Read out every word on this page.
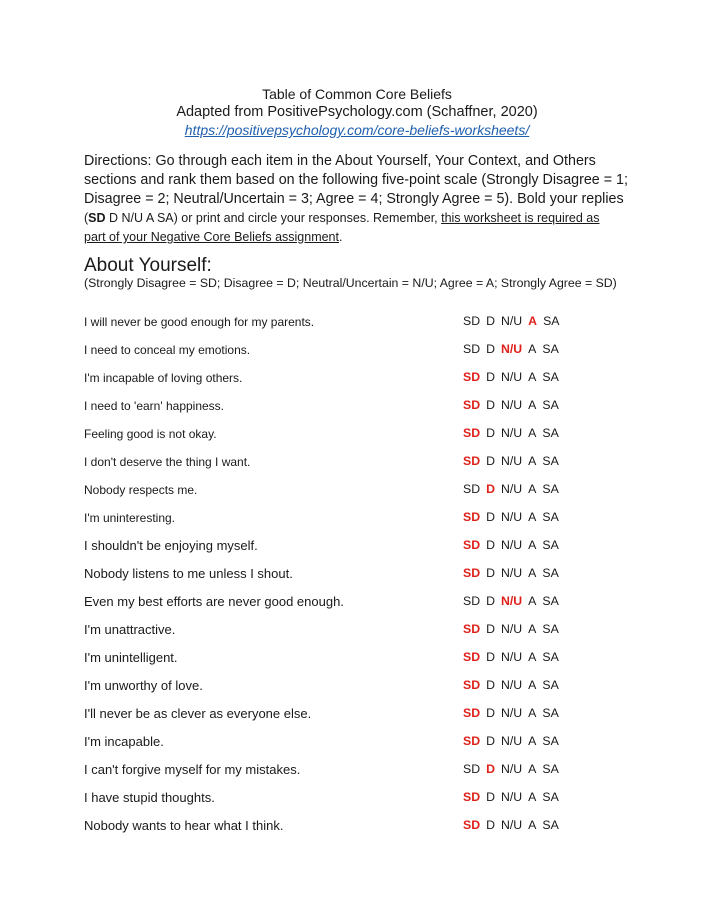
Table of Common Core Beliefs
Adapted from PositivePsychology.com (Schaffner, 2020)
https://positivepsychology.com/core-beliefs-worksheets/
Directions: Go through each item in the About Yourself, Your Context, and Others
sections and rank them based on the following five-point scale (Strongly Disagree = 1;
Disagree = 2; Neutral/Uncertain = 3; Agree = 4; Strongly Agree = 5). Bold your replies
(SD D N/U A SA) or print and circle your responses. Remember, this worksheet is required as
part of your Negative Core Beliefs assignment.
About Yourself:
(Strongly Disagree = SD; Disagree = D; Neutral/Uncertain = N/U; Agree = A; Strongly Agree = SD)
I will never be good enough for my parents.	SD D N/U A SA
I need to conceal my emotions.	SD D N/U A SA
I'm incapable of loving others.	SD D N/U A SA
I need to 'earn' happiness.	SD D N/U A SA
Feeling good is not okay.	SD D N/U A SA
I don't deserve the thing I want.	SD D N/U A SA
Nobody respects me.	SD D N/U A SA
I'm uninteresting.	SD D N/U A SA
I shouldn't be enjoying myself.	SD D N/U A SA
Nobody listens to me unless I shout.	SD D N/U A SA
Even my best efforts are never good enough.	SD D N/U A SA
I'm unattractive.	SD D N/U A SA
I'm unintelligent.	SD D N/U A SA
I'm unworthy of love.	SD D N/U A SA
I'll never be as clever as everyone else.	SD D N/U A SA
I'm incapable.	SD D N/U A SA
I can't forgive myself for my mistakes.	SD D N/U A SA
I have stupid thoughts.	SD D N/U A SA
Nobody wants to hear what I think.	SD D N/U A SA
